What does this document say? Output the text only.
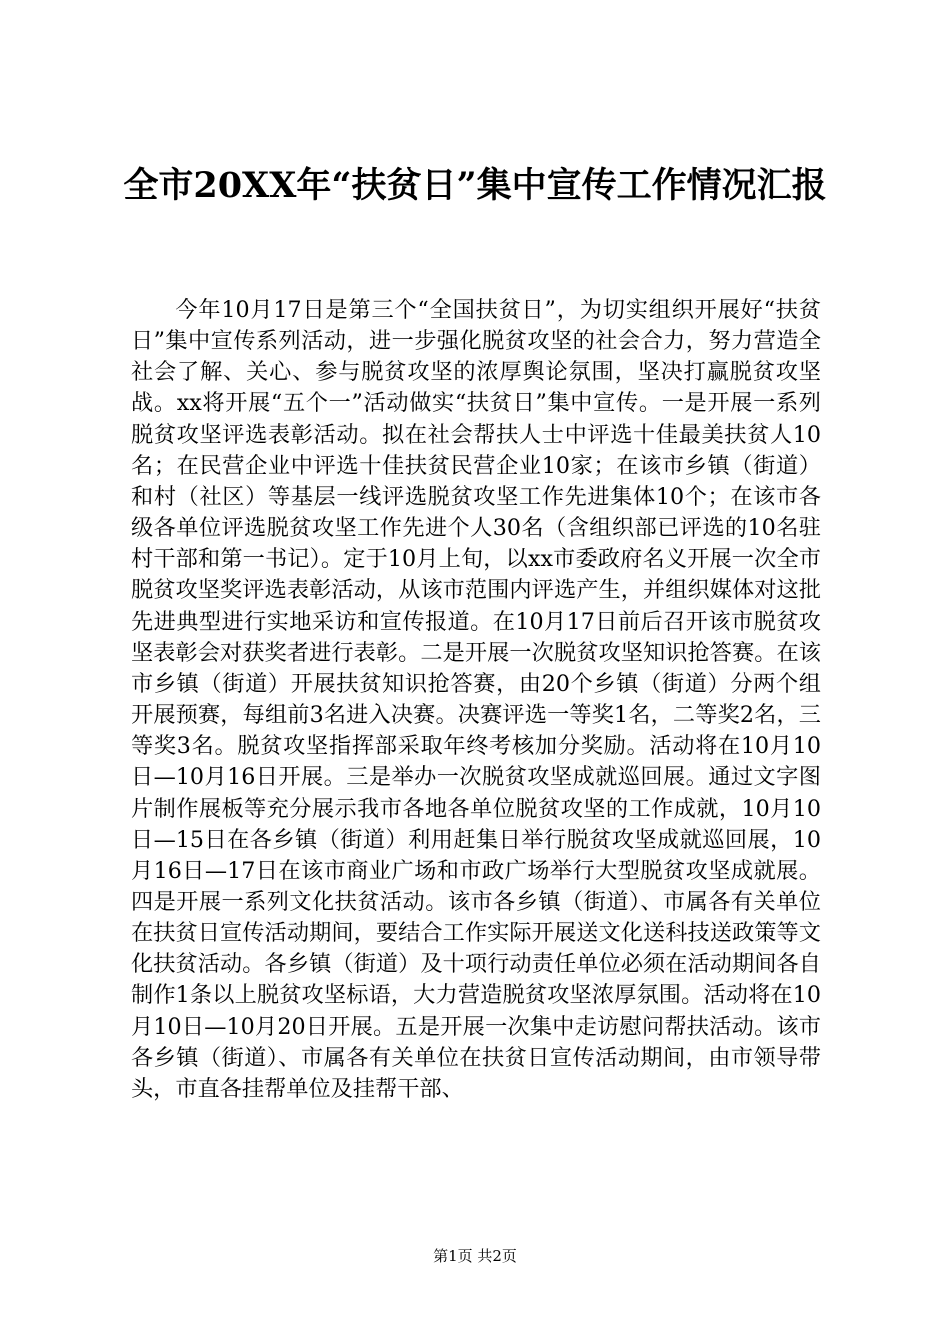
全市20XX年“扶贫日”集中宣传工作情况汇报

今年10月17日是第三个“全国扶贫日”，为切实组织开展好“扶贫日”集中宣传系列活动，进一步强化脱贫攻坚的社会合力，努力营造全社会了解、关心、参与脱贫攻坚的浓厚舆论氛围，坚决打赢脱贫攻坚战。xx将开展“五个一”活动做实“扶贫日”集中宣传。一是开展一系列脱贫攻坚评选表彰活动。拟在社会帮扶人士中评选十佳最美扶贫人10名；在民营企业中评选十佳扶贫民营企业10家；在该市乡镇（街道）和村（社区）等基层一线评选脱贫攻坚工作先进集体10个；在该市各级各单位评选脱贫攻坚工作先进个人30名（含组织部已评选的10名驻村干部和第一书记）。定于10月上旬，以xx市委政府名义开展一次全市脱贫攻坚奖评选表彰活动，从该市范围内评选产生，并组织媒体对这批先进典型进行实地采访和宣传报道。在10月17日前后召开该市脱贫攻坚表彰会对获奖者进行表彰。二是开展一次脱贫攻坚知识抢答赛。在该市乡镇（街道）开展扶贫知识抢答赛，由20个乡镇（街道）分两个组开展预赛，每组前3名进入决赛。决赛评选一等奖1名，二等奖2名，三等奖3名。脱贫攻坚指挥部采取年终考核加分奖励。活动将在10月10日—10月16日开展。三是举办一次脱贫攻坚成就巡回展。通过文字图片制作展板等充分展示我市各地各单位脱贫攻坚的工作成就，10月10日—15日在各乡镇（街道）利用赶集日举行脱贫攻坚成就巡回展，10月16日—17日在该市商业广场和市政广场举行大型脱贫攻坚成就展。四是开展一系列文化扶贫活动。该市各乡镇（街道）、市属各有关单位在扶贫日宣传活动期间，要结合工作实际开展送文化送科技送政策等文化扶贫活动。各乡镇（街道）及十项行动责任单位必须在活动期间各自制作1条以上脱贫攻坚标语，大力营造脱贫攻坚浓厚氛围。活动将在10月10日—10月20日开展。五是开展一次集中走访慰问帮扶活动。该市各乡镇（街道）、市属各有关单位在扶贫日宣传活动期间，由市领导带头，市直各挂帮单位及挂帮干部、

第1页 共2页
